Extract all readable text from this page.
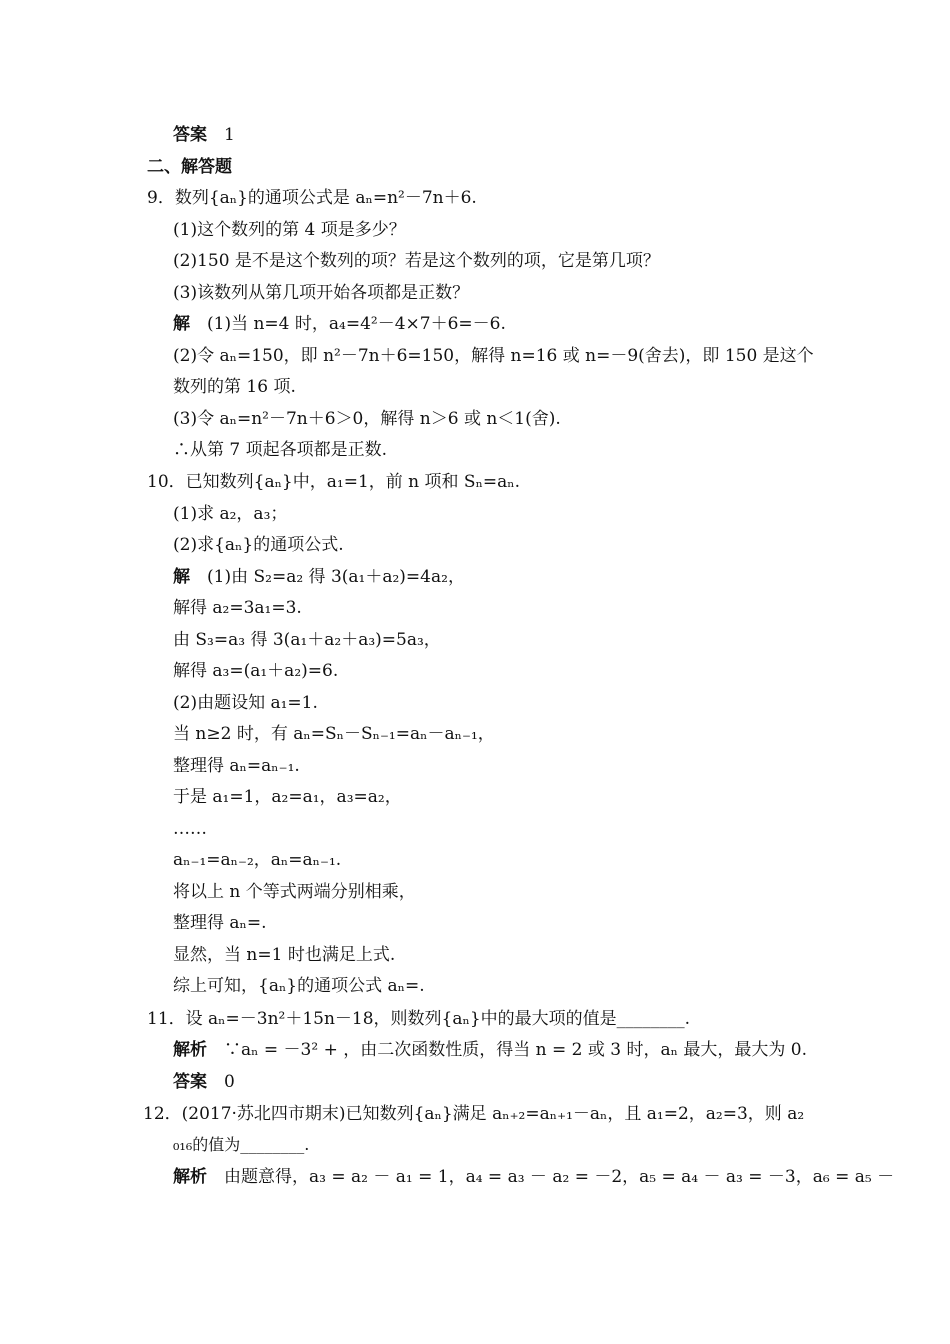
答案　1
二、解答题
9．数列{aₙ}的通项公式是 aₙ=n²－7n＋6.
(1)这个数列的第 4 项是多少？
(2)150 是不是这个数列的项？若是这个数列的项，它是第几项？
(3)该数列从第几项开始各项都是正数？
解　(1)当 n=4 时，a₄=4²－4×7＋6=－6.
(2)令 aₙ=150，即 n²－7n＋6=150，解得 n=16 或 n=－9(舍去)，即 150 是这个
数列的第 16 项.
(3)令 aₙ=n²－7n＋6＞0，解得 n＞6 或 n＜1(舍).
∴从第 7 项起各项都是正数.
10．已知数列{aₙ}中，a₁=1，前 n 项和 Sₙ=aₙ.
(1)求 a₂，a₃；
(2)求{aₙ}的通项公式.
解　(1)由 S₂=a₂ 得 3(a₁＋a₂)=4a₂，
解得 a₂=3a₁=3.
由 S₃=a₃ 得 3(a₁＋a₂＋a₃)=5a₃，
解得 a₃=(a₁＋a₂)=6.
(2)由题设知 a₁=1.
当 n≥2 时，有 aₙ=Sₙ－Sₙ₋₁=aₙ－aₙ₋₁，
整理得 aₙ=aₙ₋₁.
于是 a₁=1，a₂=a₁，a₃=a₂，
……
aₙ₋₁=aₙ₋₂，aₙ=aₙ₋₁.
将以上 n 个等式两端分别相乘，
整理得 aₙ=.
显然，当 n=1 时也满足上式.
综上可知，{aₙ}的通项公式 aₙ=.
11．设 aₙ=－3n²＋15n－18，则数列{aₙ}中的最大项的值是________.
解析　∵aₙ = －3² + ，由二次函数性质，得当 n = 2 或 3 时，aₙ 最大，最大为 0.
答案　0
12．(2017·苏北四市期末)已知数列{aₙ}满足 aₙ₊₂=aₙ₊₁－aₙ，且 a₁=2，a₂=3，则 a₂
₀₁₆的值为________.
解析　由题意得，a₃ = a₂ － a₁ = 1，a₄ = a₃ － a₂ = －2，a₅ = a₄ － a₃ = －3，a₆ = a₅ －
